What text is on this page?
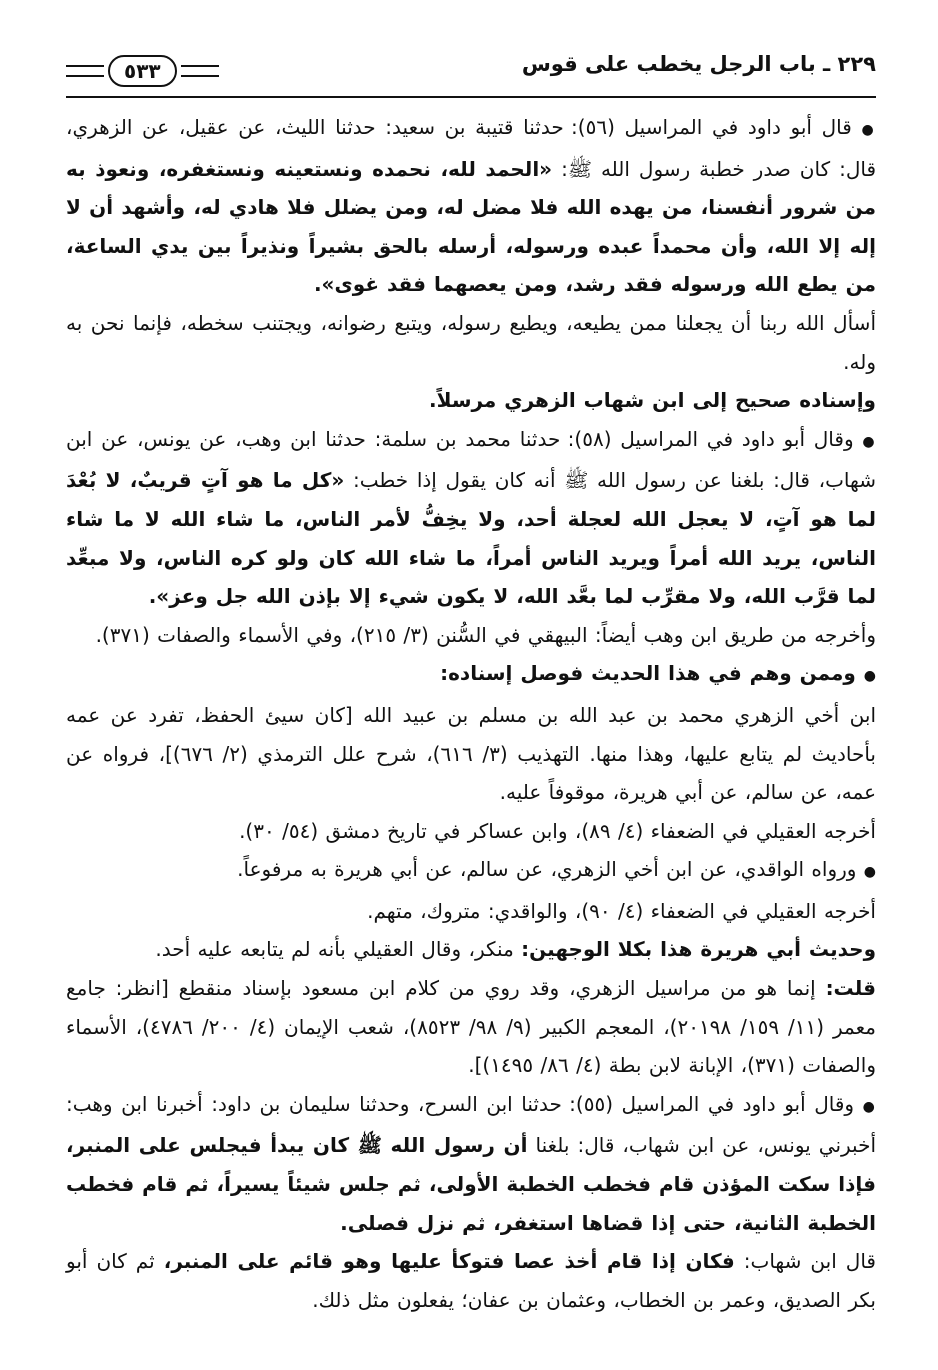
٢٢٩ ـ باب الرجل يخطب على قوس
٥٣٣

● قال أبو داود في المراسيل (٥٦): حدثنا قتيبة بن سعيد: حدثنا الليث، عن عقيل، عن الزهري، قال: كان صدر خطبة رسول الله ﷺ: «الحمد لله، نحمده ونستعينه ونستغفره، ونعوذ به من شرور أنفسنا، من يهده الله فلا مضل له، ومن يضلل فلا هادي له، وأشهد أن لا إله إلا الله، وأن محمداً عبده ورسوله، أرسله بالحق بشيراً ونذيراً بين يدي الساعة، من يطع الله ورسوله فقد رشد، ومن يعصهما فقد غوى».

أسأل الله ربنا أن يجعلنا ممن يطيعه، ويطيع رسوله، ويتبع رضوانه، ويجتنب سخطه، فإنما نحن به وله.

وإسناده صحيح إلى ابن شهاب الزهري مرسلاً.

● وقال أبو داود في المراسيل (٥٨): حدثنا محمد بن سلمة: حدثنا ابن وهب، عن يونس، عن ابن شهاب، قال: بلغنا عن رسول الله ﷺ أنه كان يقول إذا خطب: «كل ما هو آتٍ قريبٌ، لا بُعْدَ لما هو آتٍ، لا يعجل الله لعجلة أحد، ولا يخِفُّ لأمر الناس، ما شاء الله لا ما شاء الناس، يريد الله أمراً ويريد الناس أمراً، ما شاء الله كان ولو كره الناس، ولا مبعِّد لما قرَّب الله، ولا مقرِّب لما بعَّد الله، لا يكون شيء إلا بإذن الله جل وعز».

وأخرجه من طريق ابن وهب أيضاً: البيهقي في السُّنن (٣/ ٢١٥)، وفي الأسماء والصفات (٣٧١).

● وممن وهم في هذا الحديث فوصل إسناده:

ابن أخي الزهري محمد بن عبد الله بن مسلم بن عبيد الله [كان سيئ الحفظ، تفرد عن عمه بأحاديث لم يتابع عليها، وهذا منها. التهذيب (٣/ ٦١٦)، شرح علل الترمذي (٢/ ٦٧٦)]، فرواه عن عمه، عن سالم، عن أبي هريرة، موقوفاً عليه.

أخرجه العقيلي في الضعفاء (٤/ ٨٩)، وابن عساكر في تاريخ دمشق (٥٤/ ٣٠).

● ورواه الواقدي، عن ابن أخي الزهري، عن سالم، عن أبي هريرة به مرفوعاً.

أخرجه العقيلي في الضعفاء (٤/ ٩٠)، والواقدي: متروك، متهم.

وحديث أبي هريرة هذا بكلا الوجهين: منكر، وقال العقيلي بأنه لم يتابعه عليه أحد.

قلت: إنما هو من مراسيل الزهري، وقد روي من كلام ابن مسعود بإسناد منقطع [انظر: جامع معمر (١١/ ١٥٩/ ٢٠١٩٨)، المعجم الكبير (٩/ ٩٨/ ٨٥٢٣)، شعب الإيمان (٤/ ٢٠٠/ ٤٧٨٦)، الأسماء والصفات (٣٧١)، الإبانة لابن بطة (٤/ ٨٦/ ١٤٩٥)].

● وقال أبو داود في المراسيل (٥٥): حدثنا ابن السرح، وحدثنا سليمان بن داود: أخبرنا ابن وهب: أخبرني يونس، عن ابن شهاب، قال: بلغنا أن رسول الله ﷺ كان يبدأ فيجلس على المنبر، فإذا سكت المؤذن قام فخطب الخطبة الأولى، ثم جلس شيئاً يسيراً، ثم قام فخطب الخطبة الثانية، حتى إذا قضاها استغفر، ثم نزل فصلى.

قال ابن شهاب: فكان إذا قام أخذ عصا فتوكأ عليها وهو قائم على المنبر، ثم كان أبو بكر الصديق، وعمر بن الخطاب، وعثمان بن عفان؛ يفعلون مثل ذلك.
